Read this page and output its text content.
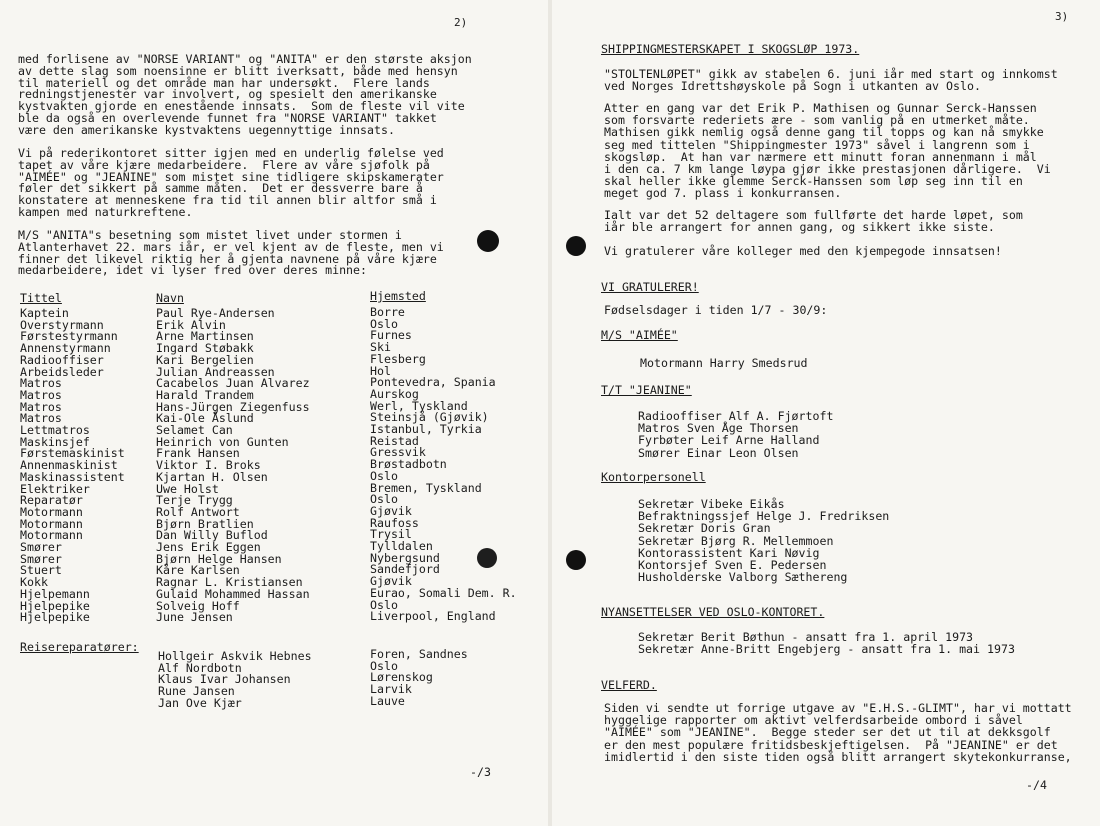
2)
med forlisene av "NORSE VARIANT" og "ANITA" er den største aksjon
av dette slag som noensinne er blitt iverksatt, både med hensyn
til materiell og det område man har undersøkt.  Flere lands
redningstjenester var involvert, og spesielt den amerikanske
kystvakten gjorde en enestående innsats.  Som de fleste vil vite
ble da også en overlevende funnet fra "NORSE VARIANT" takket
være den amerikanske kystvaktens uegennyttige innsats.
Vi på rederikontoret sitter igjen med en underlig følelse ved
tapet av våre kjære medarbeidere.  Flere av våre sjøfolk på
"AIMÉE" og "JEANINE" som mistet sine tidligere skipskamerater
føler det sikkert på samme måten.  Det er dessverre bare å
konstatere at menneskene fra tid til annen blir altfor små i
kampen med naturkreftene.
M/S "ANITA"s besetning som mistet livet under stormen i
Atlanterhavet 22. mars iår, er vel kjent av de fleste, men vi
finner det likevel riktig her å gjenta navnene på våre kjære
medarbeidere, idet vi lyser fred over deres minne:
Tittel	Navn	Hjemsted
Kaptein
Overstyrmann
Førstestyrmann
Annenstyrmann
Radiooffiser
Arbeidsleder
Matros
Matros
Matros
Matros
Lettmatros
Maskinsjef
Førstemaskinist
Annenmaskinist
Maskinassistent
Elektriker
Reparatør
Motormann
Motormann
Motormann
Smører
Smører
Stuert
Kokk
Hjelpemann
Hjelpepike
Hjelpepike
Paul Rye-Andersen
Erik Alvin
Arne Martinsen
Ingard Støbakk
Kari Bergelien
Julian Andreassen
Cacabelos Juan Alvarez
Harald Trandem
Hans-Jürgen Ziegenfuss
Kai-Ole Åslund
Selamet Can
Heinrich von Gunten
Frank Hansen
Viktor I. Broks
Kjartan H. Olsen
Uwe Holst
Terje Trygg
Rolf Antwort
Bjørn Bratlien
Dan Willy Buflod
Jens Erik Eggen
Bjørn Helge Hansen
Kåre Karlsen
Ragnar L. Kristiansen
Gulaid Mohammed Hassan
Solveig Hoff
June Jensen
Borre
Oslo
Furnes
Ski
Flesberg
Hol
Pontevedra, Spania
Aurskog
Werl, Tyskland
Steinsjå (Gjøvik)
Istanbul, Tyrkia
Reistad
Gressvik
Brøstadbotn
Oslo
Bremen, Tyskland
Oslo
Gjøvik
Raufoss
Trysil
Tylldalen
Nybergsund
Sandefjord
Gjøvik
Eurao, Somali Dem. R.
Oslo
Liverpool, England
Reisereparatører:
Hollgeir Askvik Hebnes
Alf Nordbotn
Klaus Ivar Johansen
Rune Jansen
Jan Ove Kjær
Foren, Sandnes
Oslo
Lørenskog
Larvik
Lauve
-/3
3)
-/4
SHIPPINGMESTERSKAPET I SKOGSLØP 1973.
"STOLTENLØPET" gikk av stabelen 6. juni iår med start og innkomst
ved Norges Idrettshøyskole på Sogn i utkanten av Oslo.
Atter en gang var det Erik P. Mathisen og Gunnar Serck-Hanssen
som forsvarte rederiets ære - som vanlig på en utmerket måte.
Mathisen gikk nemlig også denne gang til topps og kan nå smykke
seg med tittelen "Shippingmester 1973" såvel i langrenn som i
skogsløp.  At han var nærmere ett minutt foran annenmann i mål
i den ca. 7 km lange løypa gjør ikke prestasjonen dårligere.  Vi
skal heller ikke glemme Serck-Hanssen som løp seg inn til en
meget god 7. plass i konkurransen.
Ialt var det 52 deltagere som fullførte det harde løpet, som
iår ble arrangert for annen gang, og sikkert ikke siste.
Vi gratulerer våre kolleger med den kjempegode innsatsen!
VI GRATULERER!
Fødselsdager i tiden 1/7 - 30/9:
M/S "AIMÉE"
Motormann Harry Smedsrud
T/T "JEANINE"
Radiooffiser Alf A. Fjørtoft
Matros Sven Åge Thorsen
Fyrbøter Leif Arne Halland
Smører Einar Leon Olsen
Kontorpersonell
Sekretær Vibeke Eikås
Befraktningssjef Helge J. Fredriksen
Sekretær Doris Gran
Sekretær Bjørg R. Mellemmoen
Kontorassistent Kari Nøvig
Kontorsjef Sven E. Pedersen
Husholderske Valborg Sæthereng
NYANSETTELSER VED OSLO-KONTORET.
Sekretær Berit Bøthun - ansatt fra 1. april 1973
Sekretær Anne-Britt Engebjerg - ansatt fra 1. mai 1973
VELFERD.
Siden vi sendte ut forrige utgave av "E.H.S.-GLIMT", har vi mottatt
hyggelige rapporter om aktivt velferdsarbeide ombord i såvel
"AIMÉE" som "JEANINE".  Begge steder ser det ut til at dekksgolf
er den mest populære fritidsbeskjeftigelsen.  På "JEANINE" er det
imidlertid i den siste tiden også blitt arrangert skytekonkurranse,
